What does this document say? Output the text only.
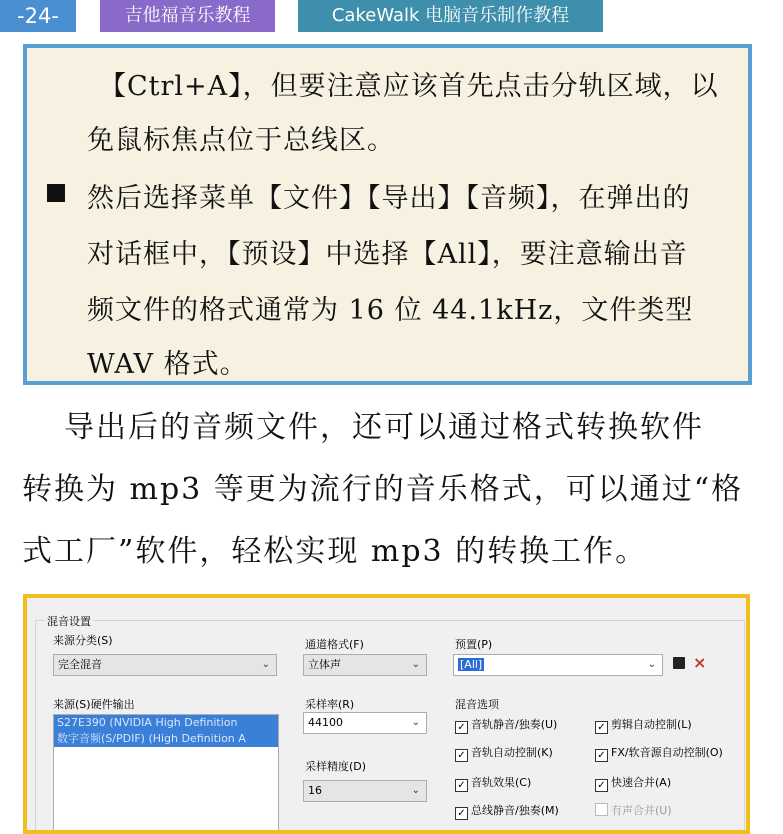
-24-	吉他福音乐教程	CakeWalk 电脑音乐制作教程
【Ctrl+A】，但要注意应该首先点击分轨区域，以
免鼠标焦点位于总线区。
然后选择菜单【文件】【导出】【音频】，在弹出的
对话框中，【预设】中选择【All】，要注意输出音
频文件的格式通常为 16 位 44.1kHz，文件类型
WAV 格式。
导出后的音频文件，还可以通过格式转换软件
转换为 mp3 等更为流行的音乐格式，可以通过“格
式工厂”软件，轻松实现 mp3 的转换工作。
混音设置
来源分类(S)
完全混音	⌄
通道格式(F)
立体声	⌄
预置(P)
[All]	⌄ ×
来源(S)硬件输出
S27E390 (NVIDIA High Definition
数字音频(S/PDIF) (High Definition A
采样率(R)
44100	⌄
采样精度(D)
16	⌄
混音选项
✓ 音轨静音/独奏(U)	✓ 剪辑自动控制(L)
✓ 音轨自动控制(K)	✓ FX/软音源自动控制(O)
✓ 音轨效果(C)	✓ 快速合并(A)
✓ 总线静音/独奏(M)	有声合并(U)
